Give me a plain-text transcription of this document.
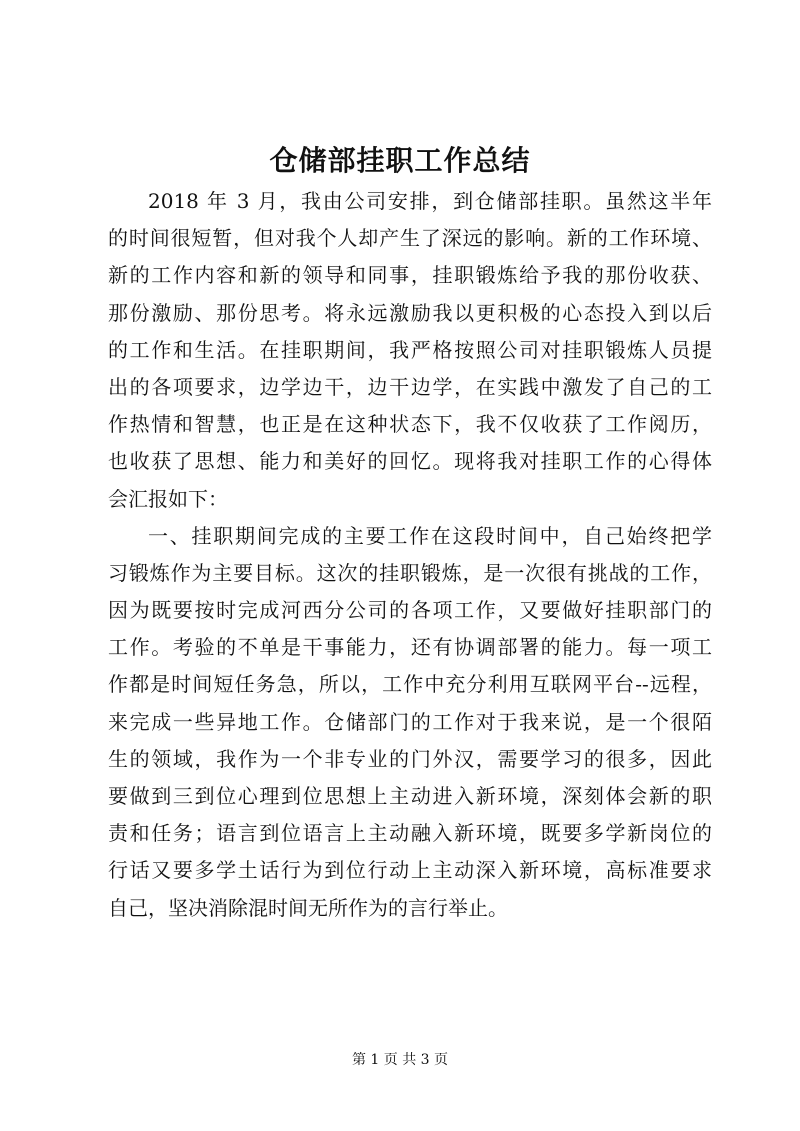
仓储部挂职工作总结
2018 年 3 月，我由公司安排，到仓储部挂职。虽然这半年
的时间很短暂，但对我个人却产生了深远的影响。新的工作环境、
新的工作内容和新的领导和同事，挂职锻炼给予我的那份收获、
那份激励、那份思考。将永远激励我以更积极的心态投入到以后
的工作和生活。在挂职期间，我严格按照公司对挂职锻炼人员提
出的各项要求，边学边干，边干边学，在实践中激发了自己的工
作热情和智慧，也正是在这种状态下，我不仅收获了工作阅历，
也收获了思想、能力和美好的回忆。现将我对挂职工作的心得体
会汇报如下：
一、挂职期间完成的主要工作在这段时间中，自己始终把学
习锻炼作为主要目标。这次的挂职锻炼，是一次很有挑战的工作，
因为既要按时完成河西分公司的各项工作，又要做好挂职部门的
工作。考验的不单是干事能力，还有协调部署的能力。每一项工
作都是时间短任务急，所以，工作中充分利用互联网平台--远程，
来完成一些异地工作。仓储部门的工作对于我来说，是一个很陌
生的领域，我作为一个非专业的门外汉，需要学习的很多，因此
要做到三到位心理到位思想上主动进入新环境，深刻体会新的职
责和任务；语言到位语言上主动融入新环境，既要多学新岗位的
行话又要多学土话行为到位行动上主动深入新环境，高标准要求
自己，坚决消除混时间无所作为的言行举止。
第 1 页 共 3 页
